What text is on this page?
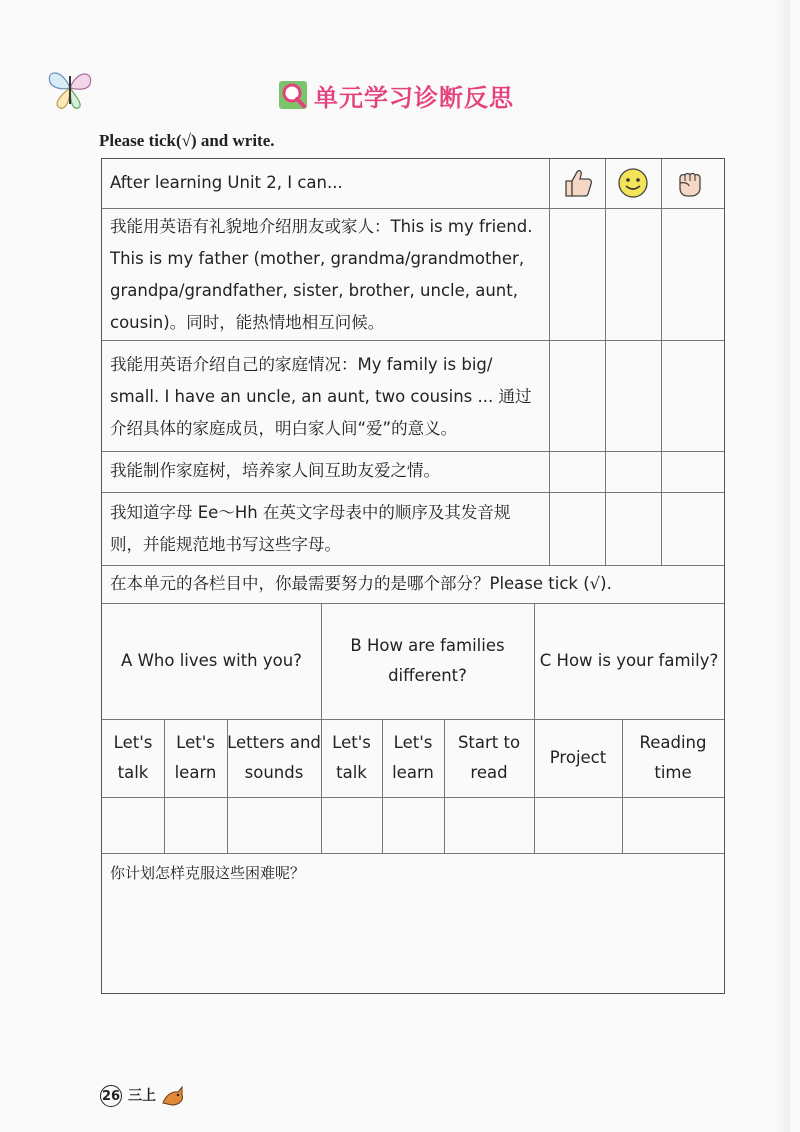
单元学习诊断反思
Please tick(√) and write.
After learning Unit 2, I can...
我能用英语有礼貌地介绍朋友或家人：This is my friend.
This is my father (mother, grandma/grandmother,
grandpa/grandfather, sister, brother, uncle, aunt,
cousin)。同时，能热情地相互问候。
我能用英语介绍自己的家庭情况：My family is big/
small. I have an uncle, an aunt, two cousins ... 通过
介绍具体的家庭成员，明白家人间“爱”的意义。
我能制作家庭树，培养家人间互助友爱之情。
我知道字母 Ee～Hh 在英文字母表中的顺序及其发音规
则，并能规范地书写这些字母。
在本单元的各栏目中，你最需要努力的是哪个部分？Please tick (√).
A Who lives with you?
B How are families different?
C How is your family?
Let's talk
Let's learn
Letters and sounds
Let's talk
Let's learn
Start to read
Project
Reading time
你计划怎样克服这些困难呢？
26 三上
